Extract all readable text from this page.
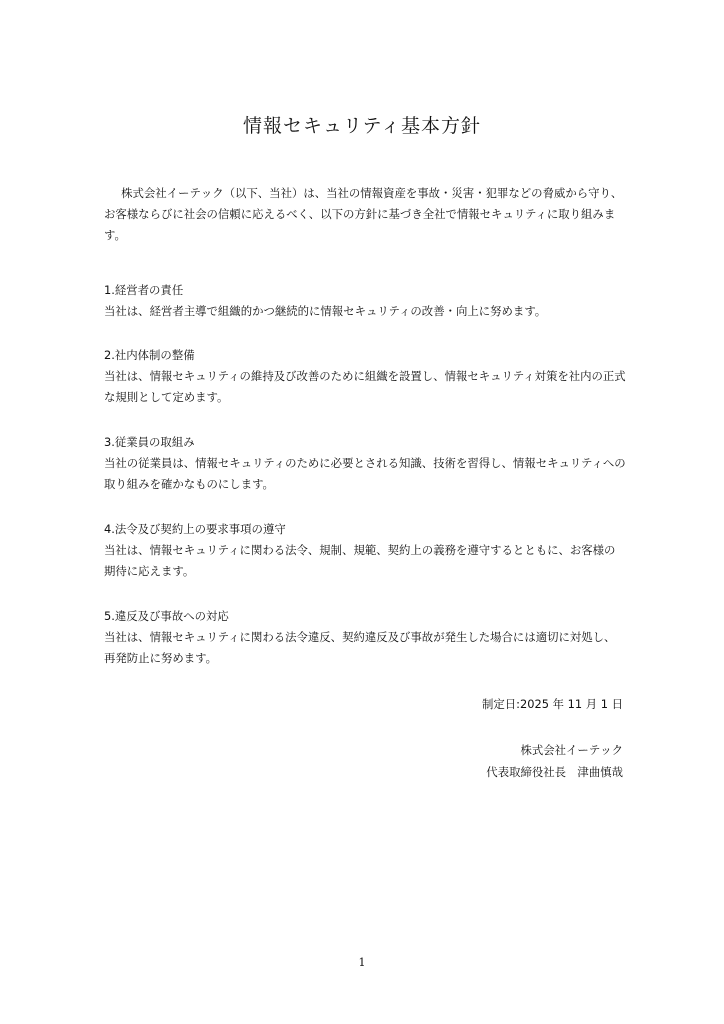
情報セキュリティ基本方針

株式会社イーテック（以下、当社）は、当社の情報資産を事故・災害・犯罪などの脅威から守り、お客様ならびに社会の信頼に応えるべく、以下の方針に基づき全社で情報セキュリティに取り組みます。

1.経営者の責任

当社は、経営者主導で組織的かつ継続的に情報セキュリティの改善・向上に努めます。

2.社内体制の整備

当社は、情報セキュリティの維持及び改善のために組織を設置し、情報セキュリティ対策を社内の正式な規則として定めます。

3.従業員の取組み

当社の従業員は、情報セキュリティのために必要とされる知識、技術を習得し、情報セキュリティへの取り組みを確かなものにします。

4.法令及び契約上の要求事項の遵守

当社は、情報セキュリティに関わる法令、規制、規範、契約上の義務を遵守するとともに、お客様の期待に応えます。

5.違反及び事故への対応

当社は、情報セキュリティに関わる法令違反、契約違反及び事故が発生した場合には適切に対処し、再発防止に努めます。

制定日:2025 年 11 月 1 日
株式会社イーテック
代表取締役社長　津曲慎哉
1
